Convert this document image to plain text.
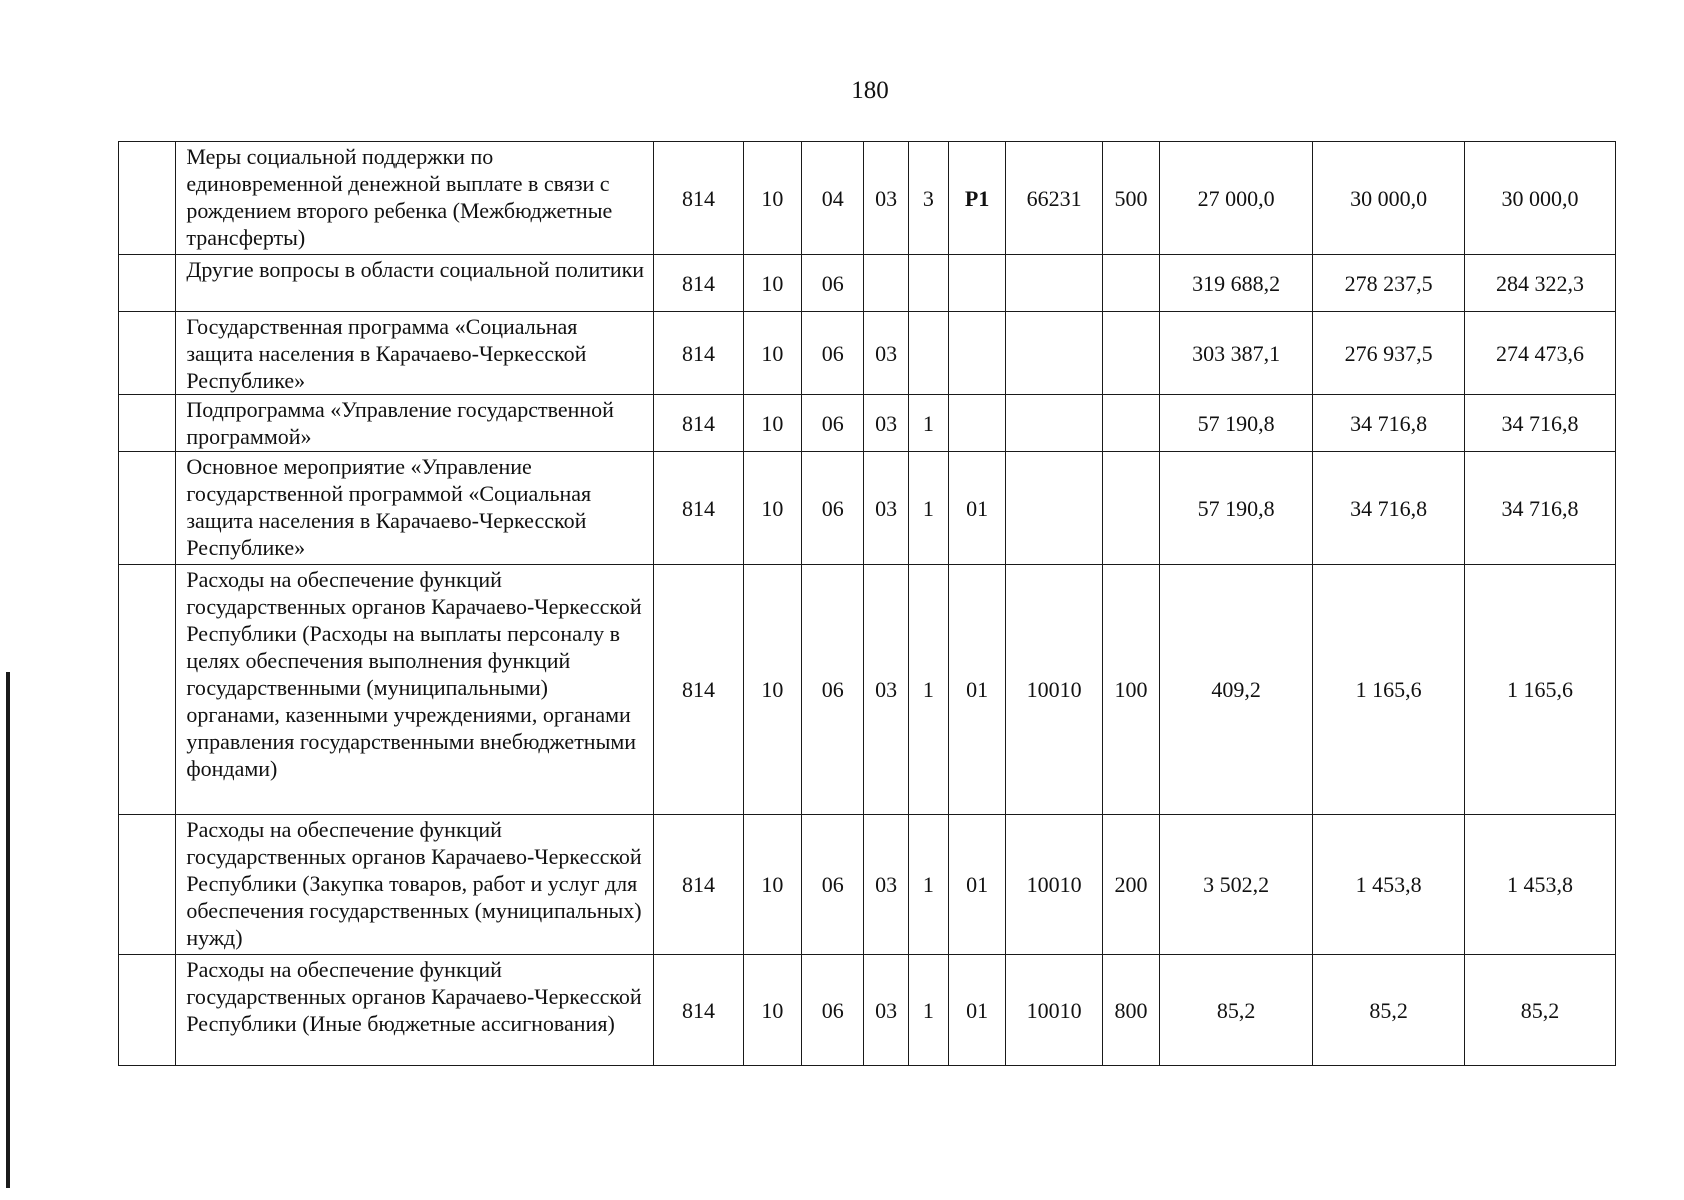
180
	Меры социальной поддержки по единовременной денежной выплате в связи с рождением второго ребенка (Межбюджетные трансферты)	814	10	04	03	3	P1	66231	500	27 000,0	30 000,0	30 000,0
	Другие вопросы в области социальной политики	814	10	06						319 688,2	278 237,5	284 322,3
	Государственная программа «Социальная защита населения в Карачаево-Черкесской Республике»	814	10	06	03					303 387,1	276 937,5	274 473,6
	Подпрограмма «Управление государственной программой»	814	10	06	03	1				57 190,8	34 716,8	34 716,8
	Основное мероприятие «Управление государственной программой «Социальная защита населения в Карачаево-Черкесской Республике»	814	10	06	03	1	01			57 190,8	34 716,8	34 716,8
	Расходы на обеспечение функций государственных органов Карачаево-Черкесской Республики (Расходы на выплаты персоналу в целях обеспечения выполнения функций государственными (муниципальными) органами, казенными учреждениями, органами управления государственными внебюджетными фондами)	814	10	06	03	1	01	10010	100	409,2	1 165,6	1 165,6
	Расходы на обеспечение функций государственных органов Карачаево-Черкесской Республики (Закупка товаров, работ и услуг для обеспечения государственных (муниципальных) нужд)	814	10	06	03	1	01	10010	200	3 502,2	1 453,8	1 453,8
	Расходы на обеспечение функций государственных органов Карачаево-Черкесской Республики (Иные бюджетные ассигнования)	814	10	06	03	1	01	10010	800	85,2	85,2	85,2
